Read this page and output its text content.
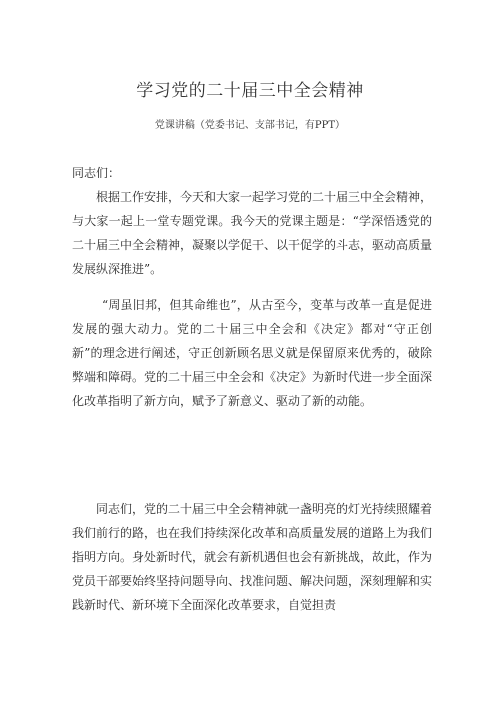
学习党的二十届三中全会精神
党课讲稿（党委书记、支部书记，有PPT）

同志们：

根据工作安排，今天和大家一起学习党的二十届三中全会精神，与大家一起上一堂专题党课。我今天的党课主题是：“学深悟透党的二十届三中全会精神，凝聚以学促干、以干促学的斗志，驱动高质量发展纵深推进”。

“周虽旧邦，但其命维也”，从古至今，变革与改革一直是促进发展的强大动力。党的二十届三中全会和《决定》都对“守正创新”的理念进行阐述，守正创新顾名思义就是保留原来优秀的，破除弊端和障碍。党的二十届三中全会和《决定》为新时代进一步全面深化改革指明了新方向，赋予了新意义、驱动了新的动能。

同志们，党的二十届三中全会精神就一盏明亮的灯光持续照耀着我们前行的路，也在我们持续深化改革和高质量发展的道路上为我们指明方向。身处新时代，就会有新机遇但也会有新挑战，故此，作为党员干部要始终坚持问题导向、找准问题、解决问题，深刻理解和实践新时代、新环境下全面深化改革要求，自觉担责
